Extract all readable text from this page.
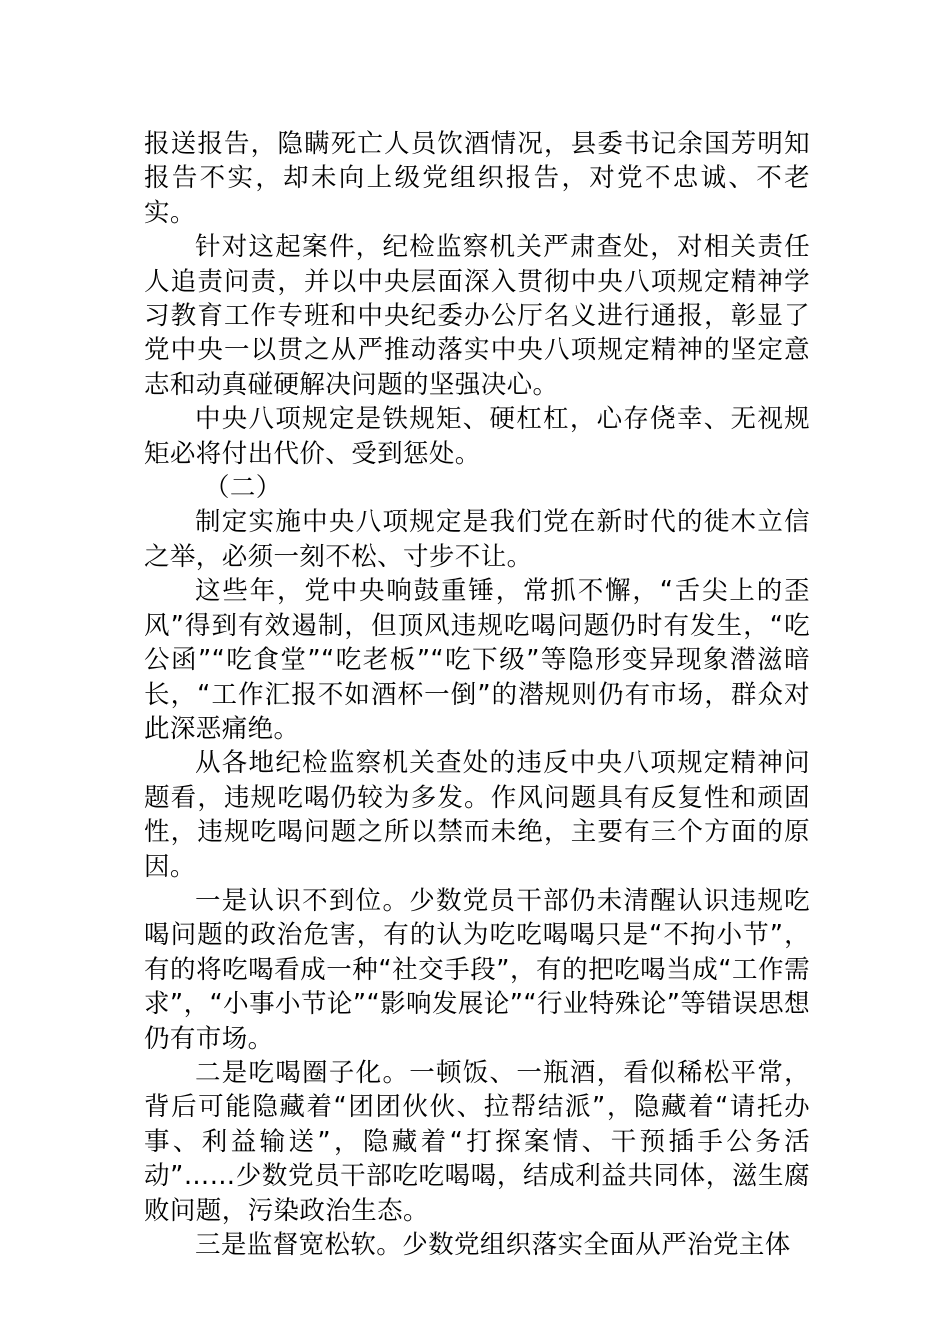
报送报告，隐瞒死亡人员饮酒情况，县委书记余国芳明知报告不实，却未向上级党组织报告，对党不忠诚、不老实。

针对这起案件，纪检监察机关严肃查处，对相关责任人追责问责，并以中央层面深入贯彻中央八项规定精神学习教育工作专班和中央纪委办公厅名义进行通报，彰显了党中央一以贯之从严推动落实中央八项规定精神的坚定意志和动真碰硬解决问题的坚强决心。

中央八项规定是铁规矩、硬杠杠，心存侥幸、无视规矩必将付出代价、受到惩处。

（二）

制定实施中央八项规定是我们党在新时代的徙木立信之举，必须一刻不松、寸步不让。

这些年，党中央响鼓重锤，常抓不懈，“舌尖上的歪风”得到有效遏制，但顶风违规吃喝问题仍时有发生，“吃公函”“吃食堂”“吃老板”“吃下级”等隐形变异现象潜滋暗长，“工作汇报不如酒杯一倒”的潜规则仍有市场，群众对此深恶痛绝。

从各地纪检监察机关查处的违反中央八项规定精神问题看，违规吃喝仍较为多发。作风问题具有反复性和顽固性，违规吃喝问题之所以禁而未绝，主要有三个方面的原因。

一是认识不到位。少数党员干部仍未清醒认识违规吃喝问题的政治危害，有的认为吃吃喝喝只是“不拘小节”，有的将吃喝看成一种“社交手段”，有的把吃喝当成“工作需求”，“小事小节论”“影响发展论”“行业特殊论”等错误思想仍有市场。

二是吃喝圈子化。一顿饭、一瓶酒，看似稀松平常，背后可能隐藏着“团团伙伙、拉帮结派”，隐藏着“请托办事、利益输送”，隐藏着“打探案情、干预插手公务活动”……少数党员干部吃吃喝喝，结成利益共同体，滋生腐败问题，污染政治生态。

三是监督宽松软。少数党组织落实全面从严治党主体
